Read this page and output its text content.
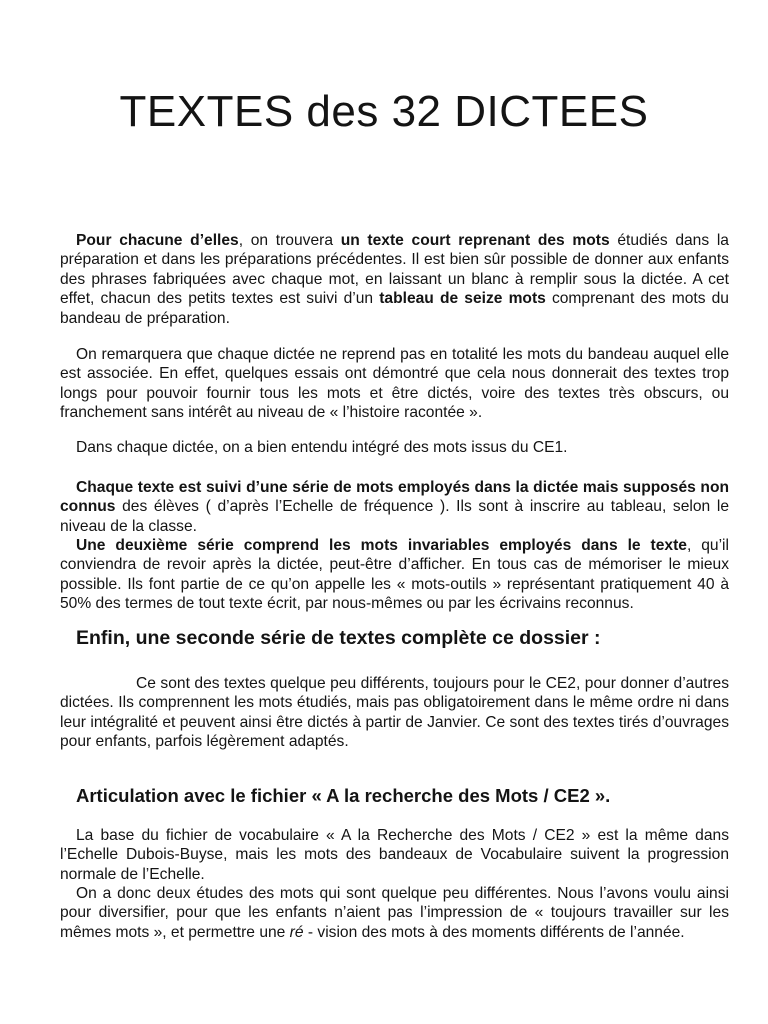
TEXTES des 32 DICTEES

Pour chacune d’elles, on trouvera un texte court reprenant des mots étudiés dans la préparation et dans les préparations précédentes. Il est bien sûr possible de donner aux enfants des phrases fabriquées avec chaque mot, en laissant un blanc à remplir sous la dictée. A cet effet, chacun des petits textes est suivi d’un tableau de seize mots comprenant des mots du bandeau de préparation.

On remarquera que chaque dictée ne reprend pas en totalité les mots du bandeau auquel elle est associée. En effet, quelques essais ont démontré que cela nous donnerait des textes trop longs pour pouvoir fournir tous les mots et être dictés, voire des textes très obscurs, ou franchement sans intérêt au niveau de « l’histoire racontée ».

Dans chaque dictée, on a bien entendu intégré des mots issus du CE1.

Chaque texte est suivi d’une série de mots employés dans la dictée mais supposés non connus des élèves ( d’après l’Echelle de fréquence ). Ils sont à inscrire au tableau, selon le niveau de la classe.

Une deuxième série comprend les mots invariables employés dans le texte, qu’il conviendra de revoir après la dictée, peut-être d’afficher. En tous cas de mémoriser le mieux possible. Ils font partie de ce qu’on appelle les « mots-outils » représentant pratiquement 40 à 50% des termes de tout texte écrit, par nous-mêmes ou par les écrivains reconnus.

Enfin, une seconde série de textes complète ce dossier :

Ce sont des textes quelque peu différents, toujours pour le CE2, pour donner d’autres dictées. Ils comprennent les mots étudiés, mais pas obligatoirement dans le même ordre ni dans leur intégralité et peuvent ainsi être dictés à partir de Janvier. Ce sont des textes tirés d’ouvrages pour enfants, parfois légèrement adaptés.

Articulation avec le fichier « A la recherche des Mots / CE2 ».

La base du fichier de vocabulaire « A la Recherche des Mots / CE2 » est la même dans l’Echelle Dubois-Buyse, mais les mots des bandeaux de Vocabulaire suivent la progression normale de l’Echelle.

On a donc deux études des mots qui sont quelque peu différentes. Nous l’avons voulu ainsi pour diversifier, pour que les enfants n’aient pas l’impression de « toujours travailler sur les mêmes mots », et permettre une ré - vision des mots à des moments différents de l’année.
